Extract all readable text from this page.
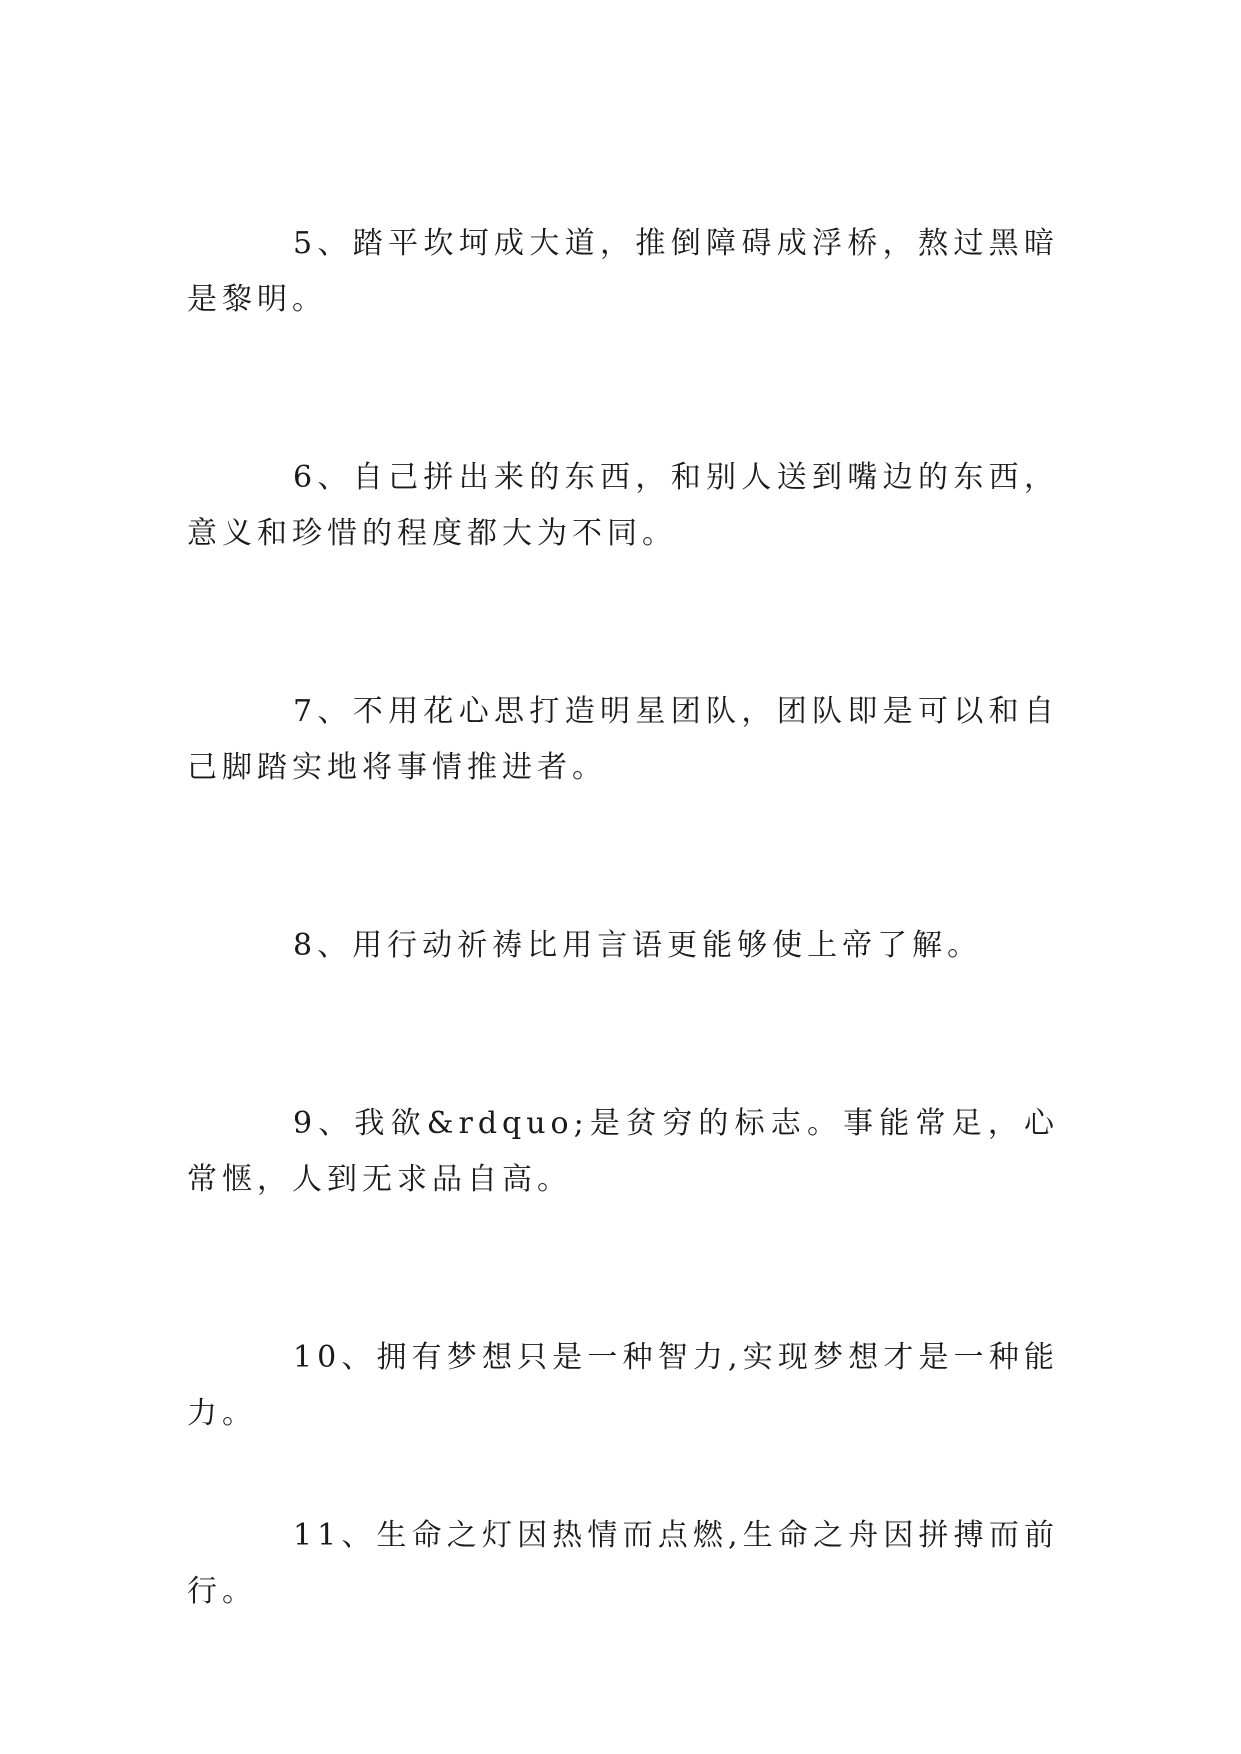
5、踏平坎坷成大道，推倒障碍成浮桥，熬过黑暗是黎明。

6、自己拼出来的东西，和别人送到嘴边的东西，意义和珍惜的程度都大为不同。

7、不用花心思打造明星团队，团队即是可以和自己脚踏实地将事情推进者。

8、用行动祈祷比用言语更能够使上帝了解。

9、我欲&rdquo;是贫穷的标志。事能常足，心常惬，人到无求品自高。

10、拥有梦想只是一种智力,实现梦想才是一种能力。

11、生命之灯因热情而点燃,生命之舟因拼搏而前行。
